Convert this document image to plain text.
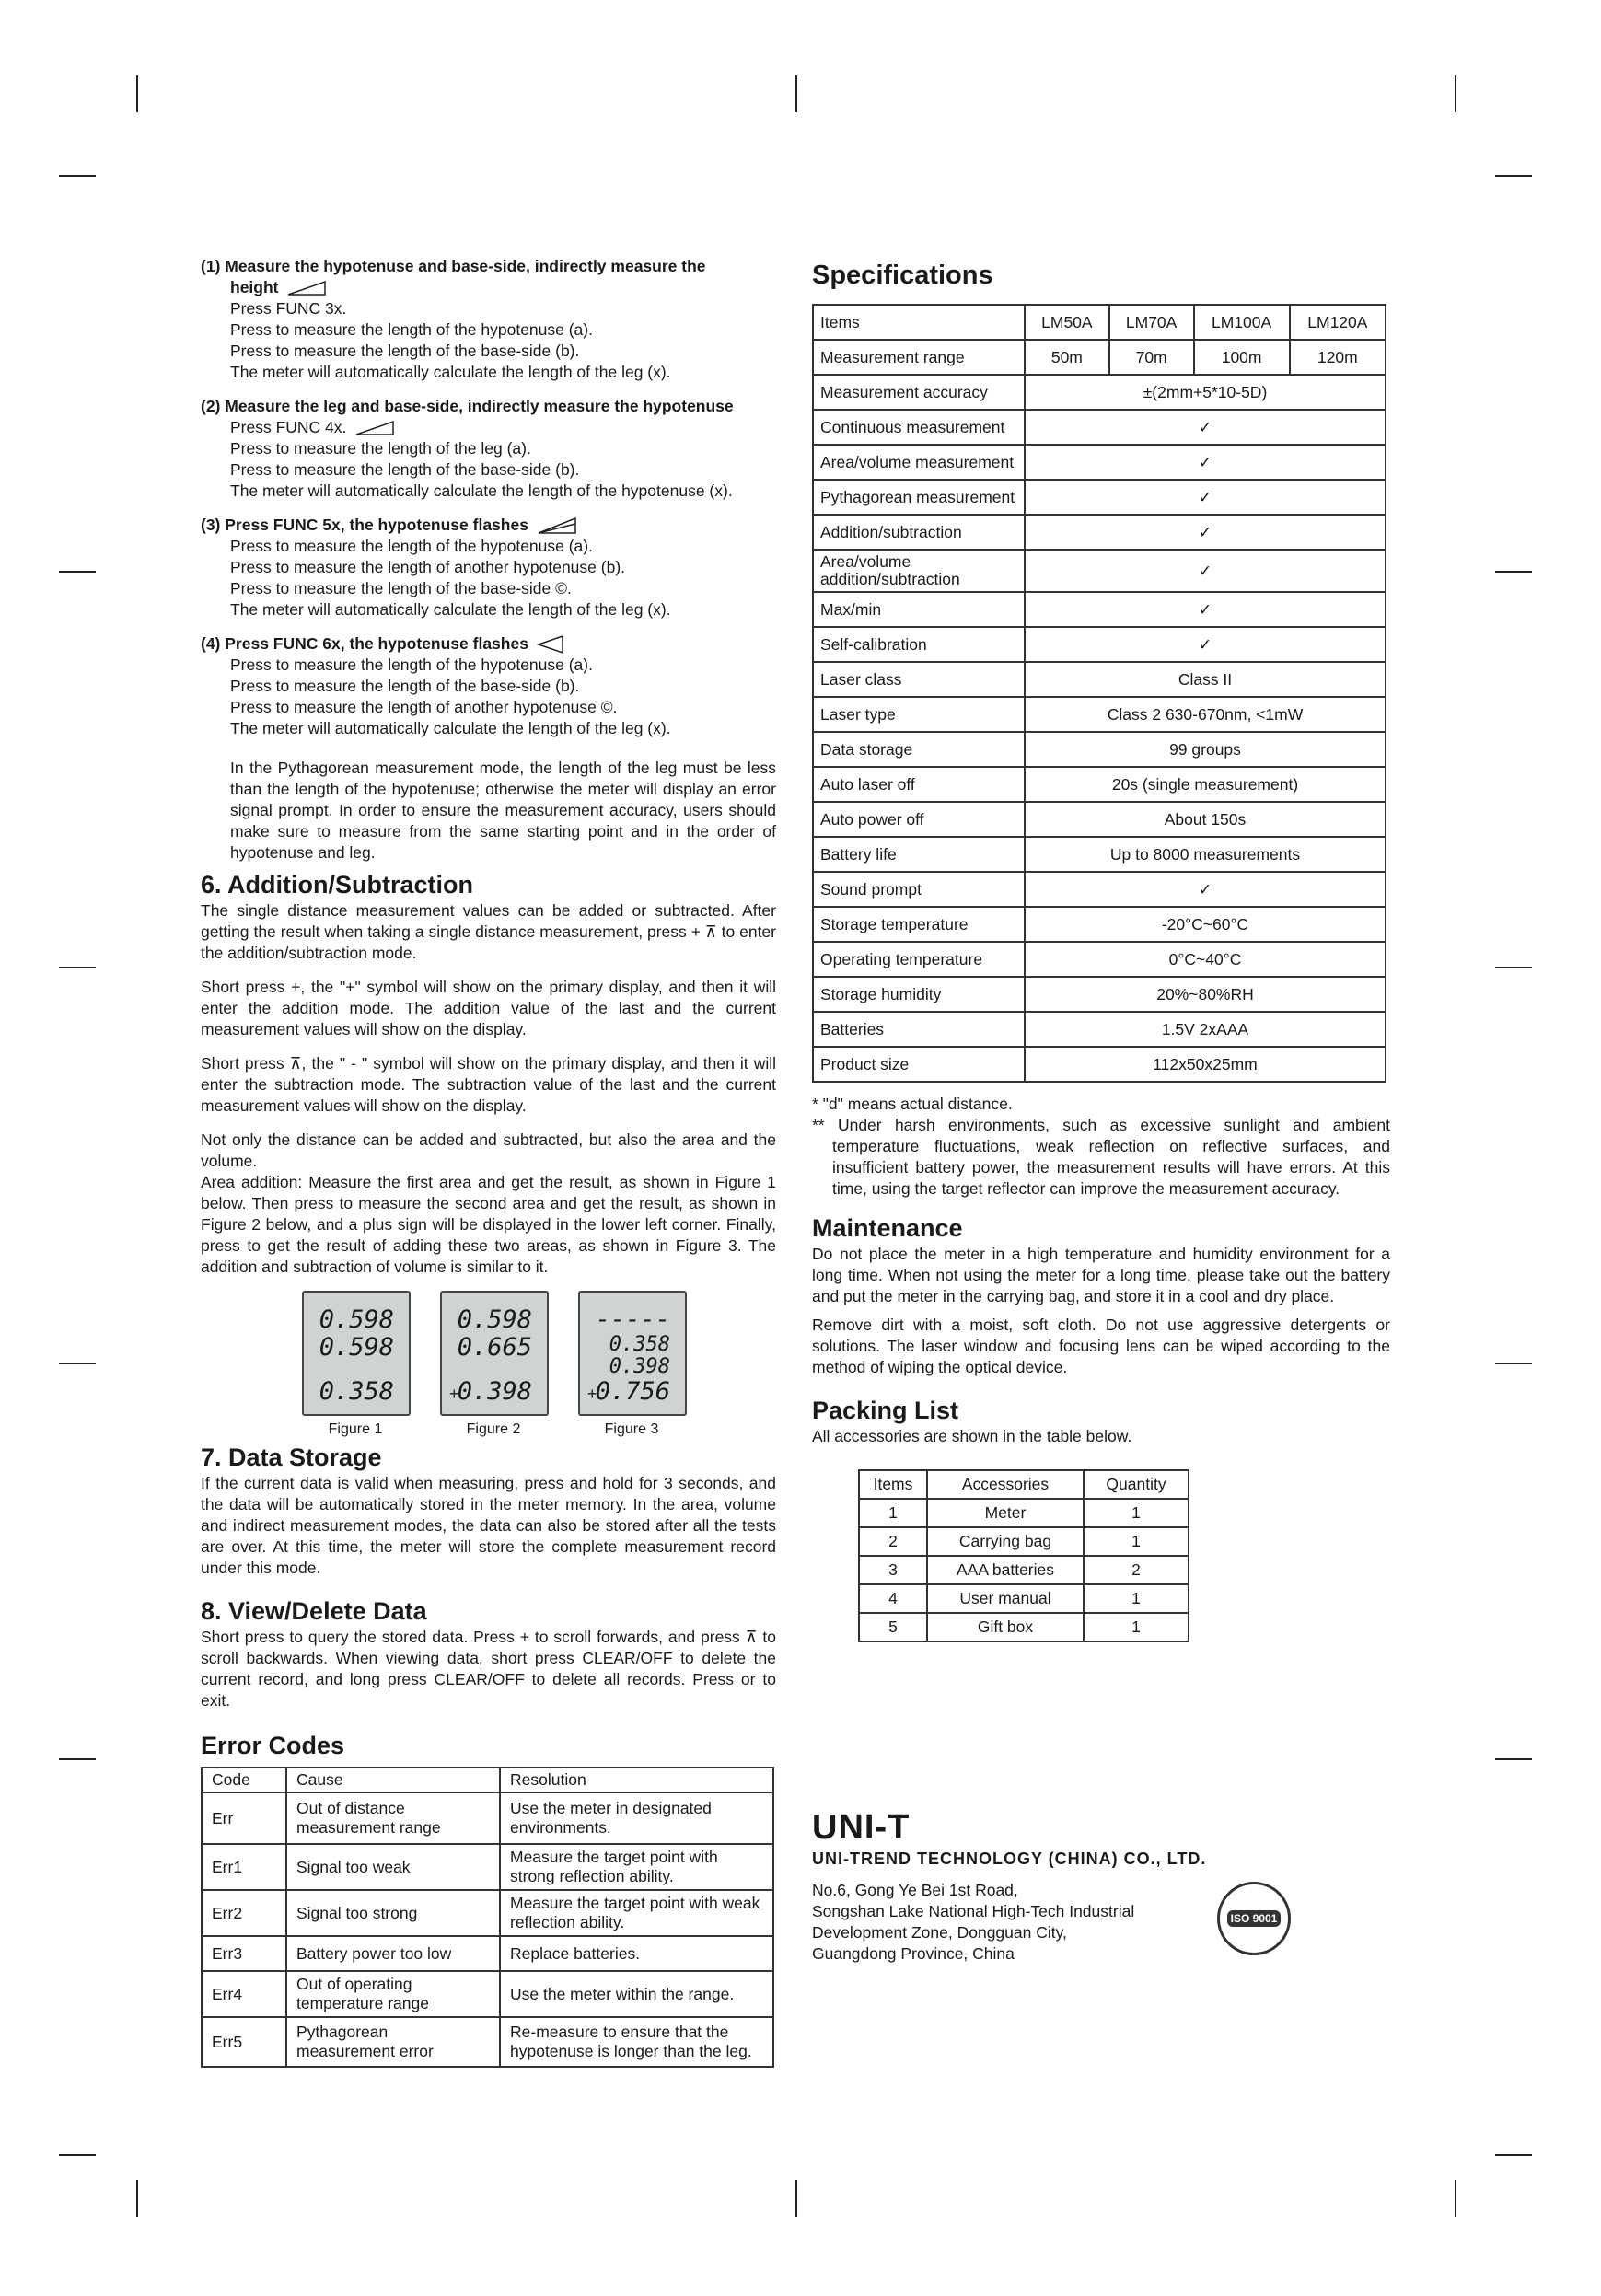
(1) Measure the hypotenuse and base-side, indirectly measure the

height

Press FUNC 3x.

Press to measure the length of the hypotenuse (a).

Press to measure the length of the base-side (b).

The meter will automatically calculate the length of the leg (x).

(2) Measure the leg and base-side, indirectly measure the hypotenuse

Press FUNC 4x.

Press to measure the length of the leg (a).

Press to measure the length of the base-side (b).

The meter will automatically calculate the length of the hypotenuse (x).

(3) Press FUNC 5x, the hypotenuse flashes

Press to measure the length of the hypotenuse (a).

Press to measure the length of another hypotenuse (b).

Press to measure the length of the base-side ©.

The meter will automatically calculate the length of the leg (x).

(4) Press FUNC 6x, the hypotenuse flashes

Press to measure the length of the hypotenuse (a).

Press to measure the length of the base-side (b).

Press to measure the length of another hypotenuse ©.

The meter will automatically calculate the length of the leg (x).

In the Pythagorean measurement mode, the length of the leg must be less than the length of the hypotenuse; otherwise the meter will display an error signal prompt. In order to ensure the measurement accuracy, users should make sure to measure from the same starting point and in the order of hypotenuse and leg.

6. Addition/Subtraction

The single distance measurement values can be added or subtracted. After getting the result when taking a single distance measurement, press + ⊼ to enter the addition/subtraction mode.

Short press +, the "+" symbol will show on the primary display, and then it will enter the addition mode. The addition value of the last and the current measurement values will show on the display.

Short press ⊼, the " - " symbol will show on the primary display, and then it will enter the subtraction mode. The subtraction value of the last and the current measurement values will show on the display.

Not only the distance can be added and subtracted, but also the area and the volume.

Area addition: Measure the first area and get the result, as shown in Figure 1 below. Then press to measure the second area and get the result, as shown in Figure 2 below, and a plus sign will be displayed in the lower left corner. Finally, press to get the result of adding these two areas, as shown in Figure 3. The addition and subtraction of volume is similar to it.

0.598
0.598
0.358
Figure 1
0.598
0.665
+
0.398
Figure 2
-----
0.358
0.398
+
0.756
Figure 3
7. Data Storage

If the current data is valid when measuring, press and hold for 3 seconds, and the data will be automatically stored in the meter memory. In the area, volume and indirect measurement modes, the data can also be stored after all the tests are over. At this time, the meter will store the complete measurement record under this mode.

8. View/Delete Data

Short press to query the stored data. Press + to scroll forwards, and press ⊼ to scroll backwards. When viewing data, short press CLEAR/OFF to delete the current record, and long press CLEAR/OFF to delete all records. Press or to exit.

Error Codes
Code	Cause	Resolution
Err	Out of distance measurement range	Use the meter in designated environments.
Err1	Signal too weak	Measure the target point with strong reflection ability.
Err2	Signal too strong	Measure the target point with weak reflection ability.
Err3	Battery power too low	Replace batteries.
Err4	Out of operating temperature range	Use the meter within the range.
Err5	Pythagorean measurement error	Re-measure to ensure that the hypotenuse is longer than the leg.
Specifications
Items	LM50A	LM70A	LM100A	LM120A
Measurement range	50m	70m	100m	120m
Measurement accuracy	±(2mm+5*10-5D)			
Continuous measurement	✓			
Area/volume measurement	✓			
Pythagorean measurement	✓			
Addition/subtraction	✓			
Area/volume addition/subtraction	✓			
Max/min	✓			
Self-calibration	✓			
Laser class	Class II			
Laser type	Class 2 630-670nm, <1mW			
Data storage	99 groups			
Auto laser off	20s (single measurement)			
Auto power off	About 150s			
Battery life	Up to 8000 measurements			
Sound prompt	✓			
Storage temperature	-20°C~60°C			
Operating temperature	0°C~40°C			
Storage humidity	20%~80%RH			
Batteries	1.5V 2xAAA			
Product size	112x50x25mm			

* "d" means actual distance.

** Under harsh environments, such as excessive sunlight and ambient temperature fluctuations, weak reflection on reflective surfaces, and insufficient battery power, the measurement results will have errors. At this time, using the target reflector can improve the measurement accuracy.

Maintenance

Do not place the meter in a high temperature and humidity environment for a long time. When not using the meter for a long time, please take out the battery and put the meter in the carrying bag, and store it in a cool and dry place.

Remove dirt with a moist, soft cloth. Do not use aggressive detergents or solutions. The laser window and focusing lens can be wiped according to the method of wiping the optical device.

Packing List

All accessories are shown in the table below.

Items	Accessories	Quantity
1	Meter	1
2	Carrying bag	1
3	AAA batteries	2
4	User manual	1
5	Gift box	1
UNI-T
UNI-TREND TECHNOLOGY (CHINA) CO., LTD.

No.6, Gong Ye Bei 1st Road,

Songshan Lake National High-Tech Industrial

Development Zone, Dongguan City,

Guangdong Province, China

ISO 9001
